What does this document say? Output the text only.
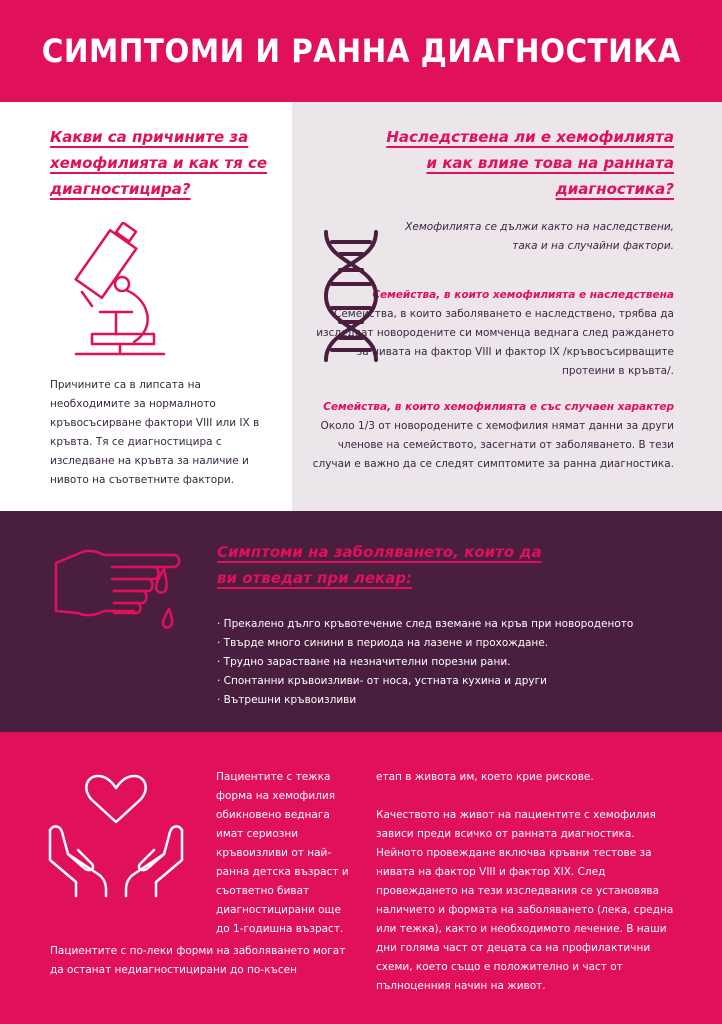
СИМПТОМИ И РАННА ДИАГНОСТИКА
Какви са причините за хемофилията и как тя се диагностицира?
Причините са в липсата на необходимите за нормалното кръвосъсирване фактори VIII или IX в кръвта. Тя се диагностицира с изследване на кръвта за наличие и нивото на съответните фактори.
Наследствена ли е хемофилията и как влияе това на ранната диагностика?
Хемофилията се дължи както на наследствени, така и на случайни фактори.
Семейства, в които хемофилията е наследствена
Семейства, в които заболяването е наследствено, трябва да изследват новородените си момченца веднага след раждането за нивата на фактор VIII и фактор IX /кръвосъсирващите протеини в кръвта/.
Семейства, в които хемофилията е със случаен характер
Около 1/3 от новородените с хемофилия нямат данни за други членове на семейството, засегнати от заболяването. В тези случаи е важно да се следят симптомите за ранна диагностика.
Симптоми на заболяването, които да ви отведат при лекар:
· Прекалено дълго кръвотечение след вземане на кръв при новороденото
· Твърде много синини в периода на лазене и прохождане.
· Трудно зарастване на незначителни порезни рани.
· Спонтанни кръвоизливи- от носа, устната кухина и други
· Вътрешни кръвоизливи
Пациентите с тежка форма на хемофилия обикновено веднага имат сериозни кръвоизливи от най-ранна детска възраст и съответно биват диагностицирани още до 1-годишна възраст.
Пациентите с по-леки форми на заболяването могат да останат недиагностицирани до по-късен

етап в живота им, което крие рискове.

Качеството на живот на пациентите с хемофилия зависи преди всичко от ранната диагностика. Нейното провеждане включва кръвни тестове за нивата на фактор VIII и фактор XIX. След провеждането на тези изследвания се установява наличието и формата на заболяването (лека, средна или тежка), както и необходимото лечение. В наши дни голяма част от децата са на профилактични схеми, което също е положително и част от пълноценния начин на живот.
